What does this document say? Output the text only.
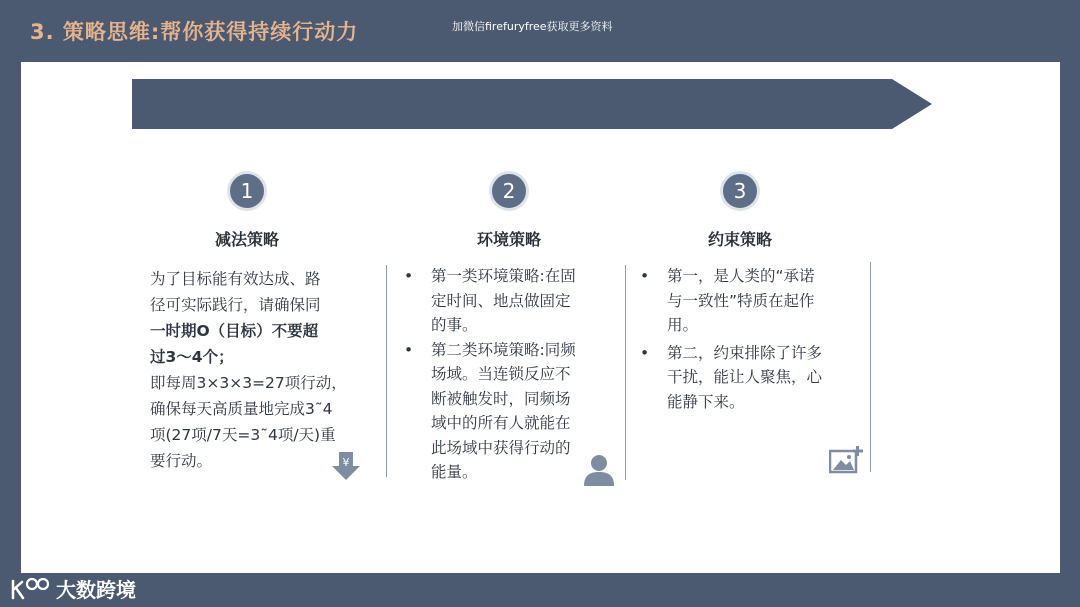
3. 策略思维:帮你获得持续行动力	加微信firefuryfree获取更多资料
1	2	3
减法策略	环境策略	约束策略
为了目标能有效达成、路
径可实际践行，请确保同
一时期O（目标）不要超
过3～4个；
即每周3×3×3=27项行动，
确保每天高质量地完成3˜4
项(27项/7天=3˜4项/天)重
要行动。
• 第一类环境策略:在固
定时间、地点做固定
的事。
• 第二类环境策略:同频
场域。当连锁反应不
断被触发时，同频场
域中的所有人就能在
此场域中获得行动的
能量。
• 第一，是人类的“承诺
与一致性”特质在起作
用。
• 第二，约束排除了许多
干扰，能让人聚焦，心
能静下来。
¥
大数跨境
